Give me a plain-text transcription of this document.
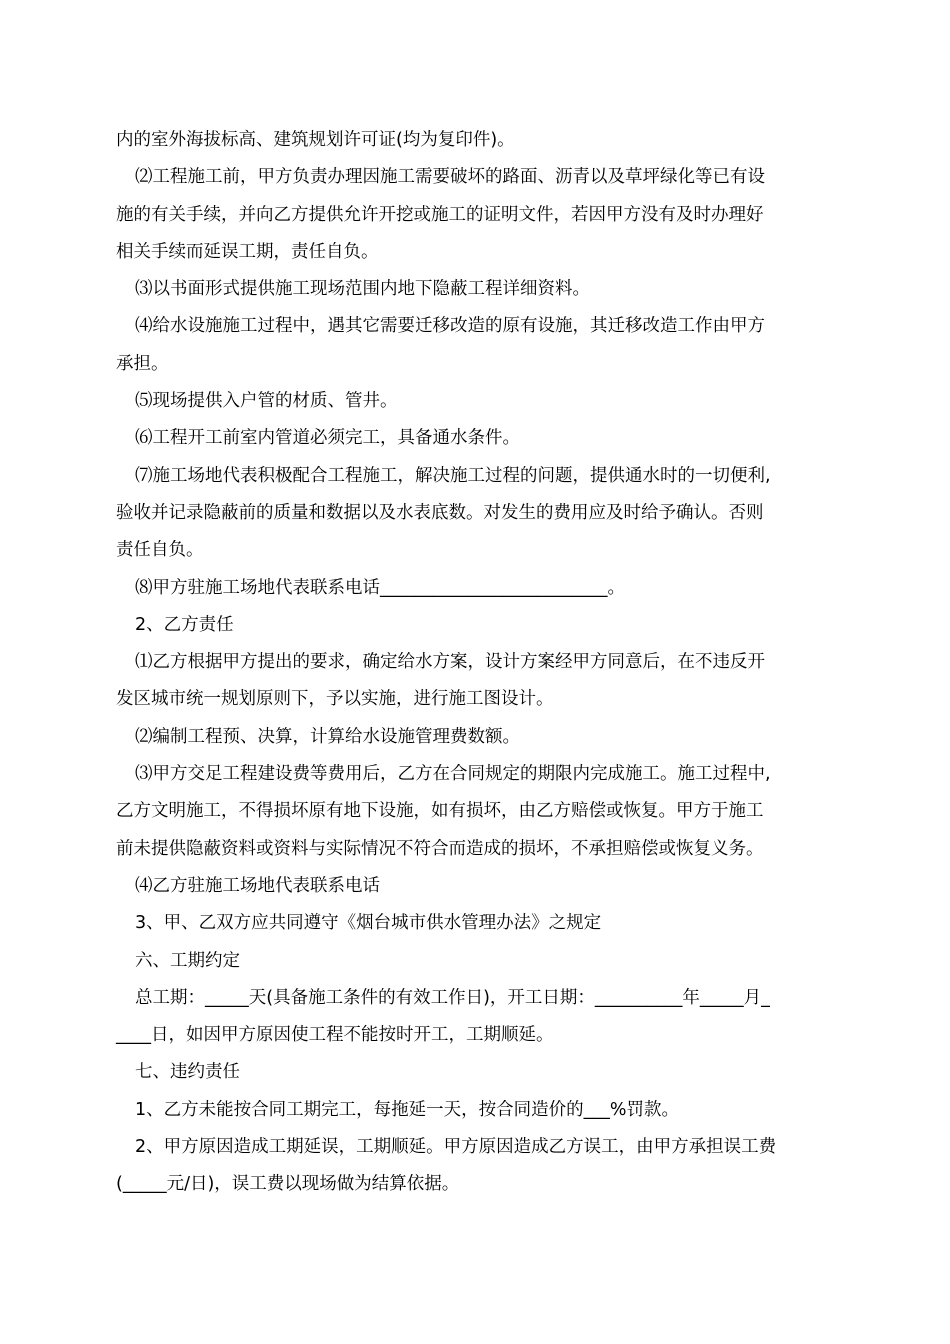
内的室外海拔标高、建筑规划许可证(均为复印件)。
⑵工程施工前，甲方负责办理因施工需要破坏的路面、沥青以及草坪绿化等已有设
施的有关手续，并向乙方提供允许开挖或施工的证明文件，若因甲方没有及时办理好
相关手续而延误工期，责任自负。
⑶以书面形式提供施工现场范围内地下隐蔽工程详细资料。
⑷给水设施施工过程中，遇其它需要迁移改造的原有设施，其迁移改造工作由甲方
承担。
⑸现场提供入户管的材质、管井。
⑹工程开工前室内管道必须完工，具备通水条件。
⑺施工场地代表积极配合工程施工，解决施工过程的问题，提供通水时的一切便利,
验收并记录隐蔽前的质量和数据以及水表底数。对发生的费用应及时给予确认。否则
责任自负。
⑻甲方驻施工场地代表联系电话__________________________。
2、乙方责任
⑴乙方根据甲方提出的要求，确定给水方案，设计方案经甲方同意后，在不违反开
发区城市统一规划原则下，予以实施，进行施工图设计。
⑵编制工程预、决算，计算给水设施管理费数额。
⑶甲方交足工程建设费等费用后，乙方在合同规定的期限内完成施工。施工过程中,
乙方文明施工，不得损坏原有地下设施，如有损坏，由乙方赔偿或恢复。甲方于施工
前未提供隐蔽资料或资料与实际情况不符合而造成的损坏，不承担赔偿或恢复义务。
⑷乙方驻施工场地代表联系电话
3、甲、乙双方应共同遵守《烟台城市供水管理办法》之规定
六、工期约定
总工期：_____天(具备施工条件的有效工作日)，开工日期：__________年_____月_
____日，如因甲方原因使工程不能按时开工，工期顺延。
七、违约责任
1、乙方未能按合同工期完工，每拖延一天，按合同造价的___%罚款。
2、甲方原因造成工期延误，工期顺延。甲方原因造成乙方误工，由甲方承担误工费
(_____元/日)，误工费以现场做为结算依据。
